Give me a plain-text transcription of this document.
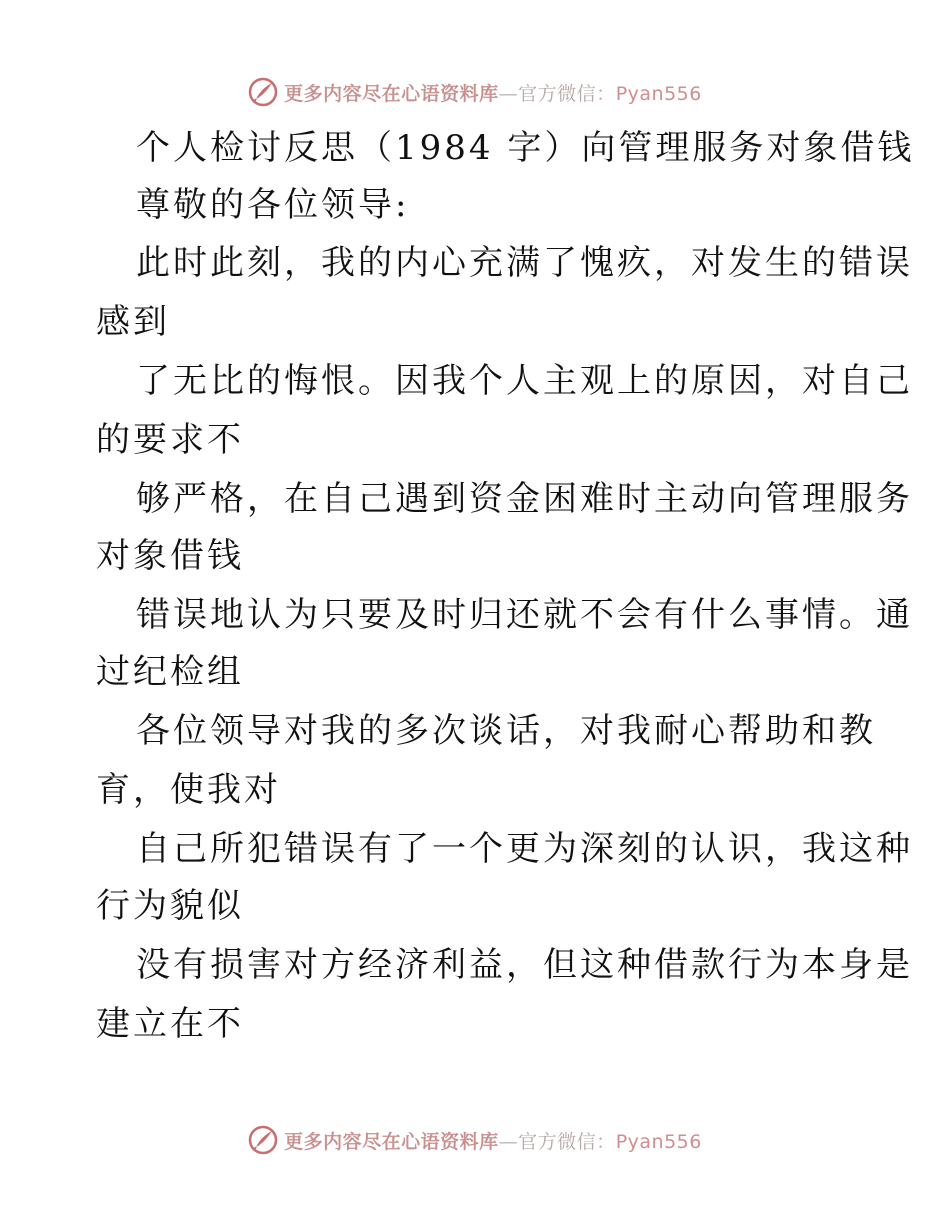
更多内容尽在心语资料库—官方微信：Pyan556
个人检讨反思（1984 字）向管理服务对象借钱
尊敬的各位领导:
此时此刻，我的内心充满了愧疚，对发生的错误
感到
了无比的悔恨。因我个人主观上的原因，对自己
的要求不
够严格，在自己遇到资金困难时主动向管理服务
对象借钱
错误地认为只要及时归还就不会有什么事情。通
过纪检组
各位领导对我的多次谈话，对我耐心帮助和教
育，使我对
自己所犯错误有了一个更为深刻的认识，我这种
行为貌似
没有损害对方经济利益，但这种借款行为本身是
建立在不
更多内容尽在心语资料库—官方微信：Pyan556
